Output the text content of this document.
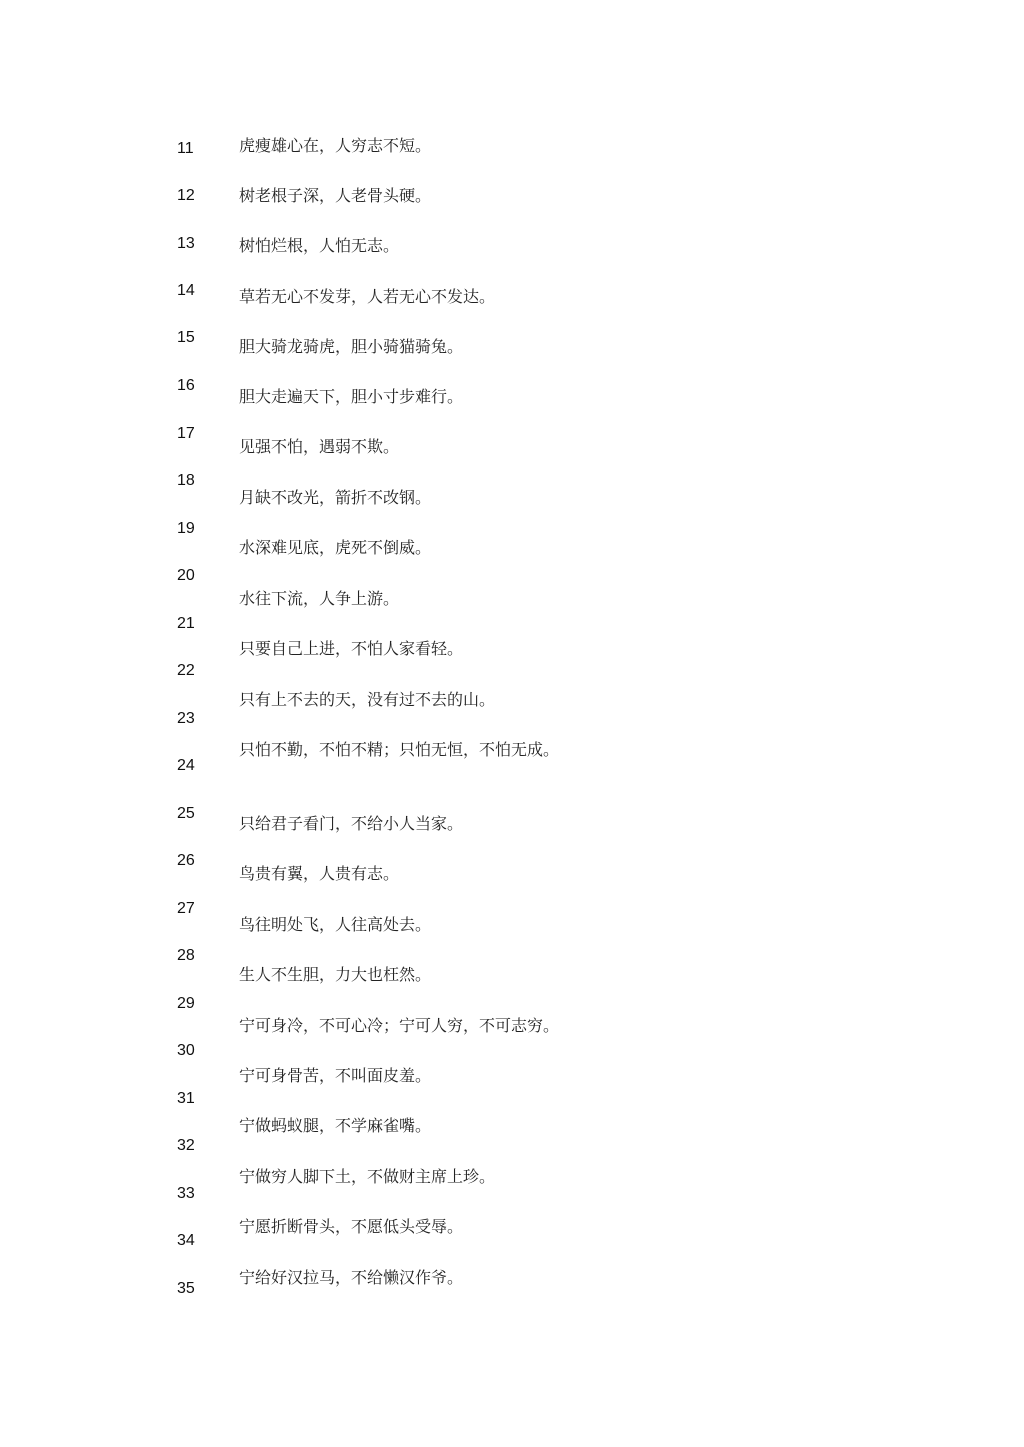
11
12
13
14
15
16
17
18
19
20
21
22
23
24
25
26
27
28
29
30
31
32
33
34
35
虎瘦雄心在，人穷志不短。
树老根子深，人老骨头硬。
树怕烂根，人怕无志。
草若无心不发芽，人若无心不发达。
胆大骑龙骑虎，胆小骑猫骑兔。
胆大走遍天下，胆小寸步难行。
见强不怕，遇弱不欺。
月缺不改光，箭折不改钢。
水深难见底，虎死不倒威。
水往下流，人争上游。
只要自己上进，不怕人家看轻。
只有上不去的天，没有过不去的山。
只怕不勤，不怕不精；只怕无恒，不怕无成。
只给君子看门，不给小人当家。
鸟贵有翼，人贵有志。
鸟往明处飞，人往高处去。
生人不生胆，力大也枉然。
宁可身冷，不可心冷；宁可人穷，不可志穷。
宁可身骨苦，不叫面皮羞。
宁做蚂蚁腿，不学麻雀嘴。
宁做穷人脚下土，不做财主席上珍。
宁愿折断骨头，不愿低头受辱。
宁给好汉拉马，不给懒汉作爷。
